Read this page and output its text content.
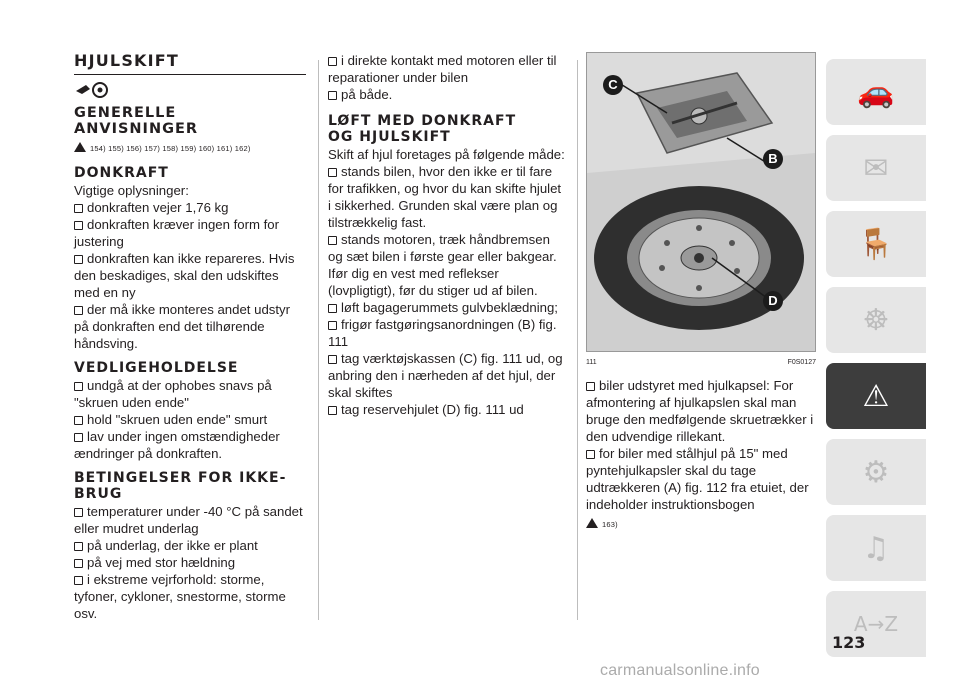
HJULSKIFT
GENERELLE
ANVISNINGER
154) 155) 156) 157) 158) 159) 160) 161) 162)
DONKRAFT

Vigtige oplysninger:

donkraften vejer 1,76 kg

donkraften kræver ingen form for justering

donkraften kan ikke repareres. Hvis den beskadiges, skal den udskiftes med en ny

der må ikke monteres andet udstyr på donkraften end det tilhørende håndsving.

VEDLIGEHOLDELSE

undgå at der ophobes snavs på "skruen uden ende"

hold "skruen uden ende" smurt

lav under ingen omstændigheder ændringer på donkraften.

BETINGELSER FOR IKKE-
BRUG

temperaturer under -40 °C på sandet eller mudret underlag

på underlag, der ikke er plant

på vej med stor hældning

i ekstreme vejrforhold: storme, tyfoner, cykloner, snestorme, storme osv.

i direkte kontakt med motoren eller til reparationer under bilen

på både.

LØFT MED DONKRAFT
OG HJULSKIFT

Skift af hjul foretages på følgende måde:

stands bilen, hvor den ikke er til fare for trafikken, og hvor du kan skifte hjulet i sikkerhed. Grunden skal være plan og tilstrækkelig fast.

stands motoren, træk håndbremsen og sæt bilen i første gear eller bakgear. Ifør dig en vest med reflekser (lovpligtigt), før du stiger ud af bilen.

løft bagagerummets gulvbeklædning;

frigør fastgøringsanordningen (B) fig. 111

tag værktøjskassen (C) fig. 111 ud, og anbring den i nærheden af det hjul, der skal skiftes

tag reservehjulet (D) fig. 111 ud

C
B
D
111	F0S0127

biler udstyret med hjulkapsel: For afmontering af hjulkapslen skal man bruge den medfølgende skruetrækker i den udvendige rillekant.

for biler med stålhjul på 15" med pyntehjulkapsler skal du tage udtrækkeren (A) fig. 112 fra etuiet, der indeholder instruktionsbogen

163)
🚗
✉
🪑
☸
⚠
⚙
♫
A→Z
123
carmanualsonline.info
